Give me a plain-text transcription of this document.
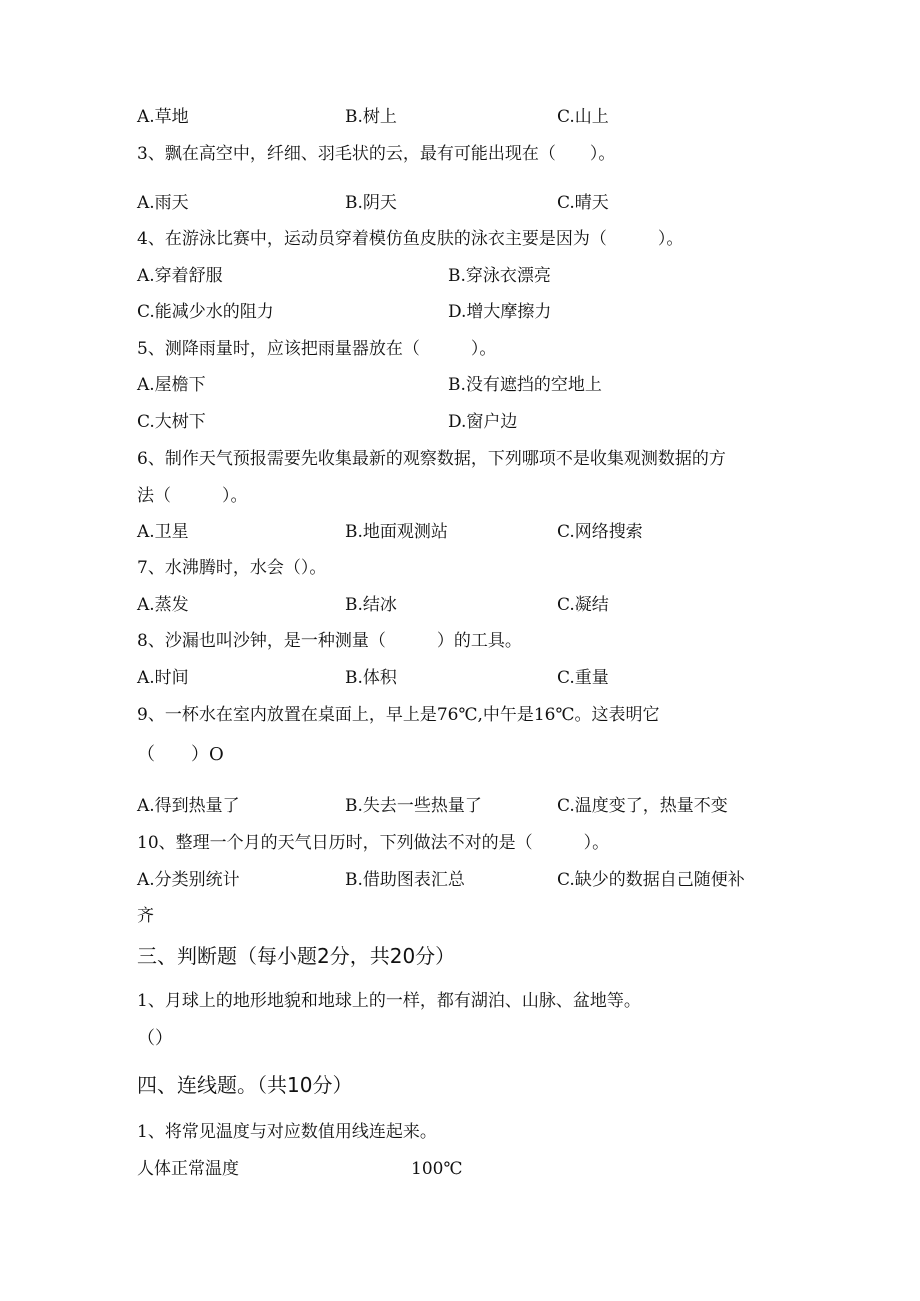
A.草地	B.树上	C.山上
3、飘在高空中，纤细、羽毛状的云，最有可能出现在（　　）。
A.雨天	B.阴天	C.晴天
4、在游泳比赛中，运动员穿着模仿鱼皮肤的泳衣主要是因为（　　　）。
A.穿着舒服	B.穿泳衣漂亮
C.能减少水的阻力	D.增大摩擦力
5、测降雨量时，应该把雨量器放在（　　　）。
A.屋檐下	B.没有遮挡的空地上
C.大树下	D.窗户边
6、制作天气预报需要先收集最新的观察数据，下列哪项不是收集观测数据的方
法（　　　）。
A.卫星	B.地面观测站	C.网络搜索
7、水沸腾时，水会（）。
A.蒸发	B.结冰	C.凝结
8、沙漏也叫沙钟，是一种测量（　　　）的工具。
A.时间	B.体积	C.重量
9、一杯水在室内放置在桌面上，早上是76℃,中午是16℃。这表明它
（　　）O
A.得到热量了	B.失去一些热量了	C.温度变了，热量不变
10、整理一个月的天气日历时，下列做法不对的是（　　　）。
A.分类别统计	B.借助图表汇总	C.缺少的数据自己随便补
齐
三、判断题（每小题2分，共20分）
1、月球上的地形地貌和地球上的一样，都有湖泊、山脉、盆地等。
（）
四、连线题。（共10分）
1、将常见温度与对应数值用线连起来。
人体正常温度	100℃
